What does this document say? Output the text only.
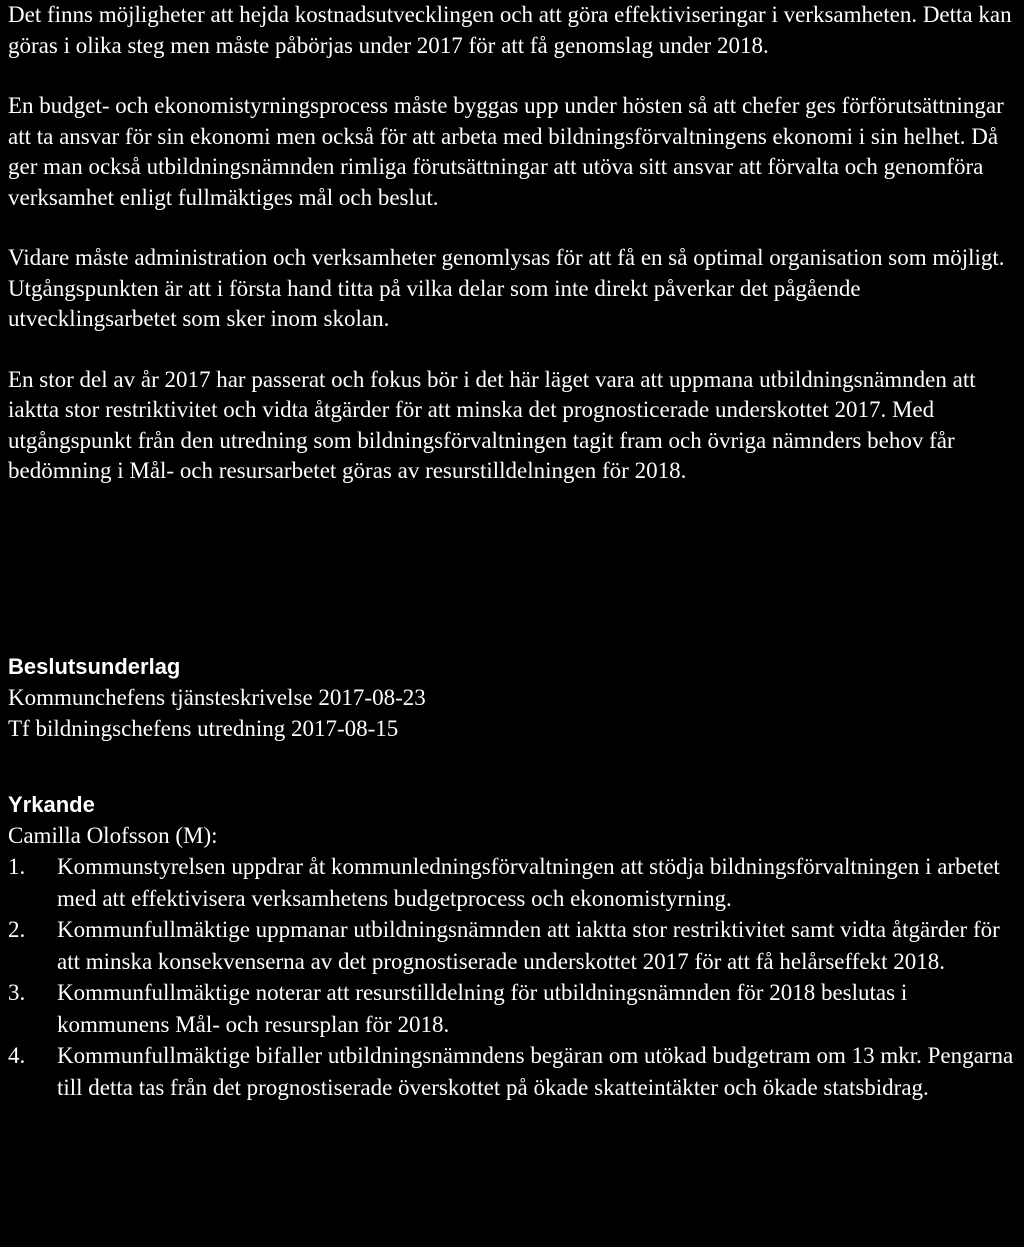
Det finns möjligheter att hejda kostnadsutvecklingen och att göra effektiviseringar i verksamheten. Detta kan göras i olika steg men måste påbörjas under 2017 för att få genomslag under 2018.

En budget- och ekonomistyrningsprocess måste byggas upp under hösten så att chefer ges förförutsättningar att ta ansvar för sin ekonomi men också för att arbeta med bildningsförvaltningens ekonomi i sin helhet. Då ger man också utbildningsnämnden rimliga förutsättningar att utöva sitt ansvar att förvalta och genomföra verksamhet enligt fullmäktiges mål och beslut.

Vidare måste administration och verksamheter genomlysas för att få en så optimal organisation som möjligt. Utgångspunkten är att i första hand titta på vilka delar som inte direkt påverkar det pågående utvecklingsarbetet som sker inom skolan.

En stor del av år 2017 har passerat och fokus bör i det här läget vara att uppmana utbildningsnämnden att iaktta stor restriktivitet och vidta åtgärder för att minska det prognosticerade underskottet 2017. Med utgångspunkt från den utredning som bildningsförvaltningen tagit fram och övriga nämnders behov får bedömning i Mål- och resursarbetet göras av resurstilldelningen för 2018.

Beslutsunderlag

Kommunchefens tjänsteskrivelse 2017-08-23

Tf bildningschefens utredning 2017-08-15

Yrkande

Camilla Olofsson (M):

1. Kommunstyrelsen uppdrar åt kommunledningsförvaltningen att stödja bildningsförvaltningen i arbetet med att effektivisera verksamhetens budgetprocess och ekonomistyrning.
2. Kommunfullmäktige uppmanar utbildningsnämnden att iaktta stor restriktivitet samt vidta åtgärder för att minska konsekvenserna av det prognostiserade underskottet 2017 för att få helårseffekt 2018.
3. Kommunfullmäktige noterar att resurstilldelning för utbildningsnämnden för 2018 beslutas i kommunens Mål- och resursplan för 2018.
4. Kommunfullmäktige bifaller utbildningsnämndens begäran om utökad budgetram om 13 mkr. Pengarna till detta tas från det prognostiserade överskottet på ökade skatteintäkter och ökade statsbidrag.
